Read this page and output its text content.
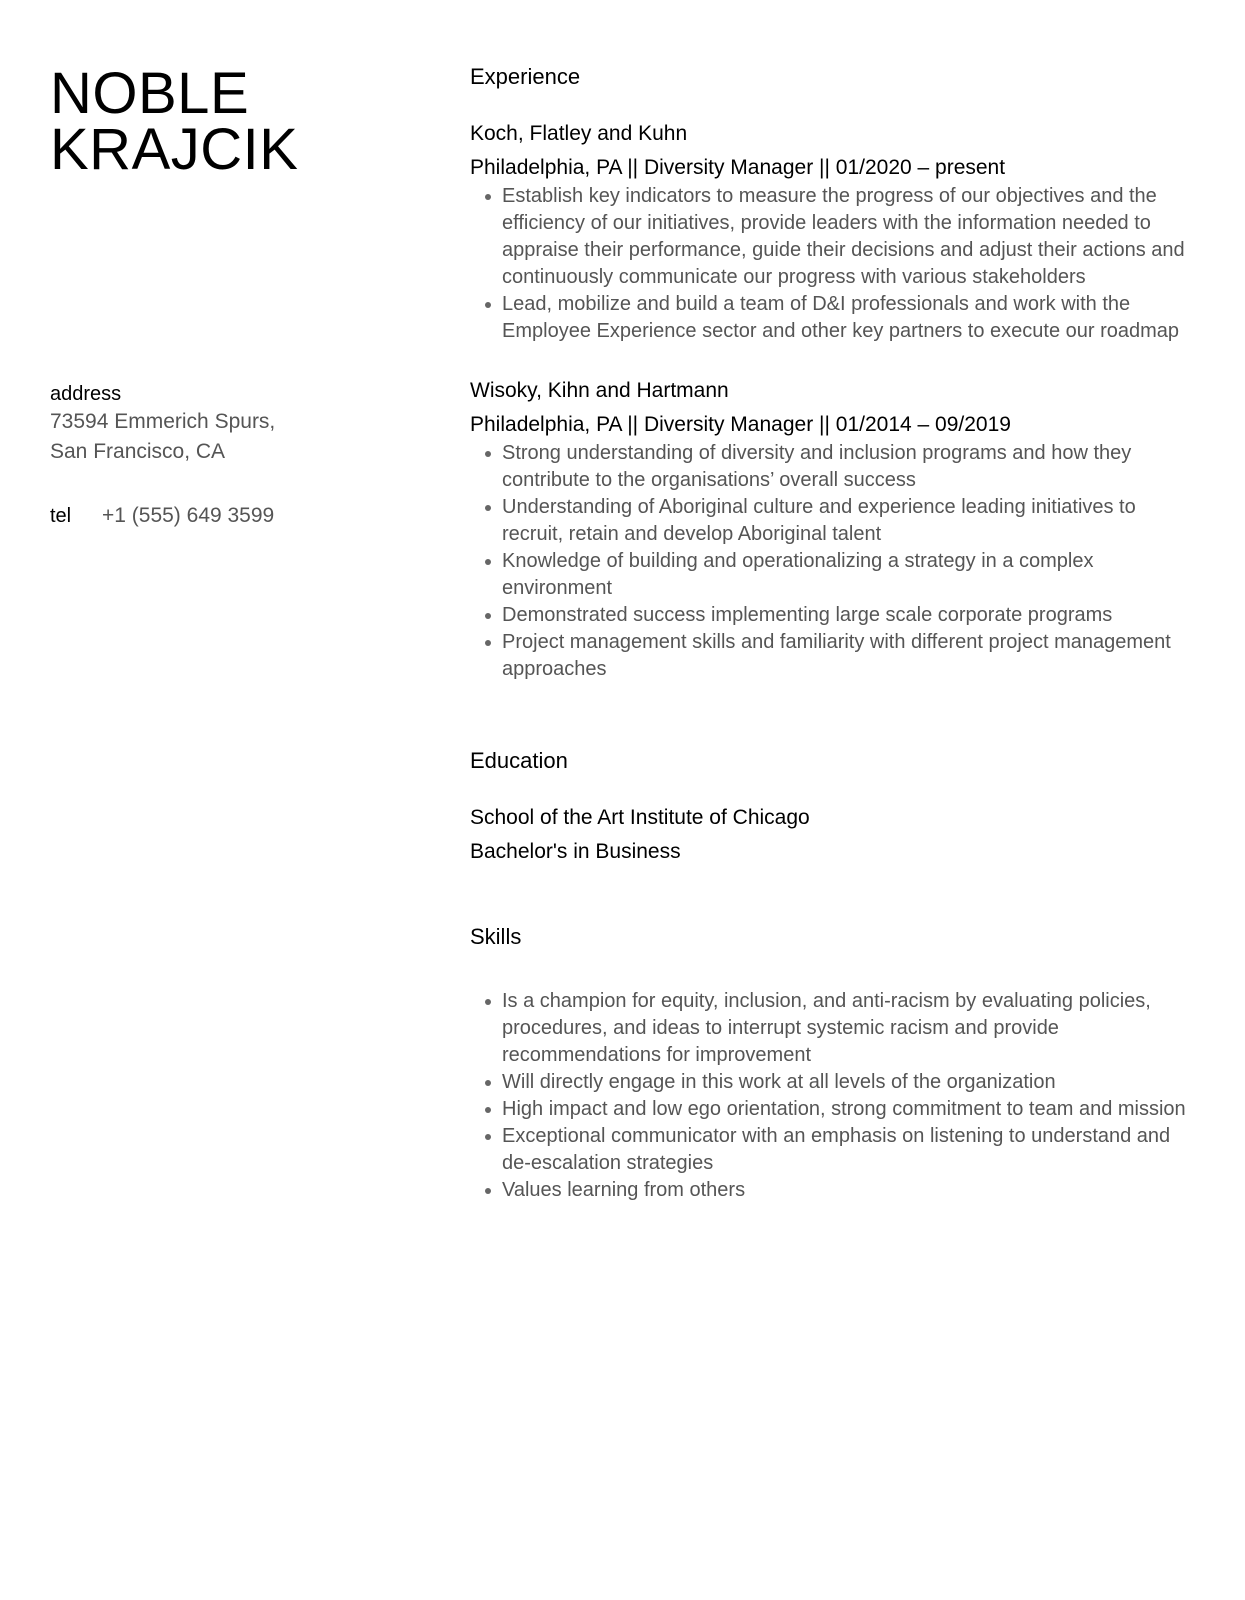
NOBLE
KRAJCIK
address
73594 Emmerich Spurs,
San Francisco, CA
tel	+1 (555) 649 3599
Experience
Koch, Flatley and Kuhn
Philadelphia, PA || Diversity Manager || 01/2020 – present
Establish key indicators to measure the progress of our objectives and the efficiency of our initiatives, provide leaders with the information needed to appraise their performance, guide their decisions and adjust their actions and continuously communicate our progress with various stakeholders
Lead, mobilize and build a team of D&I professionals and work with the Employee Experience sector and other key partners to execute our roadmap
Wisoky, Kihn and Hartmann
Philadelphia, PA || Diversity Manager || 01/2014 – 09/2019
Strong understanding of diversity and inclusion programs and how they contribute to the organisations’ overall success
Understanding of Aboriginal culture and experience leading initiatives to recruit, retain and develop Aboriginal talent
Knowledge of building and operationalizing a strategy in a complex environment
Demonstrated success implementing large scale corporate programs
Project management skills and familiarity with different project management approaches
Education
School of the Art Institute of Chicago
Bachelor's in Business
Skills
Is a champion for equity, inclusion, and anti-racism by evaluating policies, procedures, and ideas to interrupt systemic racism and provide recommendations for improvement
Will directly engage in this work at all levels of the organization
High impact and low ego orientation, strong commitment to team and mission
Exceptional communicator with an emphasis on listening to understand and de-escalation strategies
Values learning from others
